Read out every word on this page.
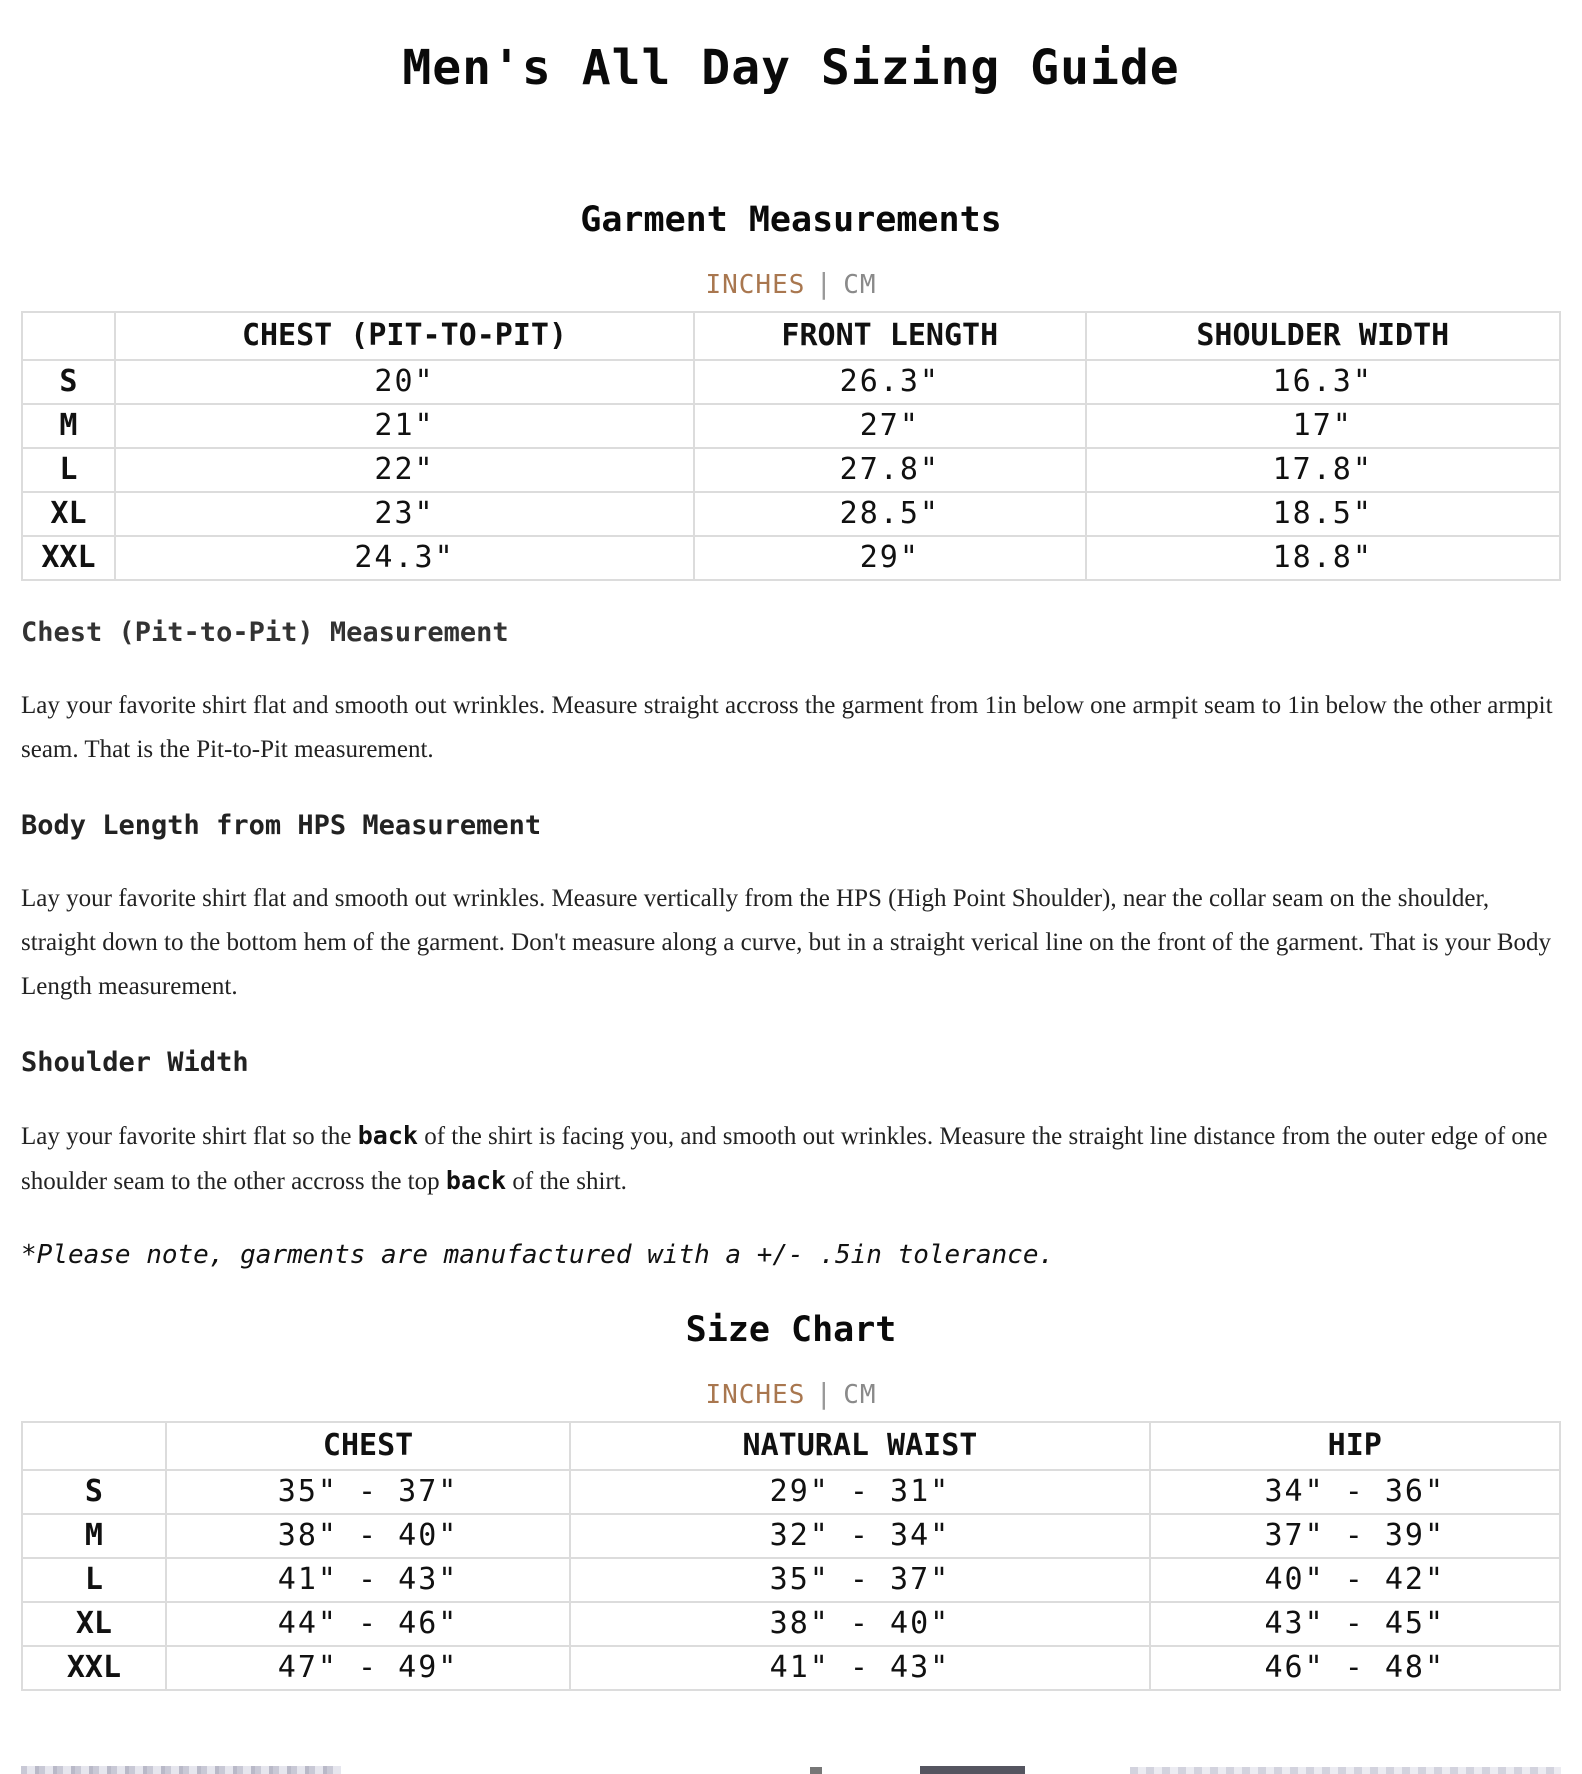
Men's All Day Sizing Guide
Garment Measurements
INCHES | CM
	CHEST (PIT-TO-PIT)	FRONT LENGTH	SHOULDER WIDTH
S	20"	26.3"	16.3"
M	21"	27"	17"
L	22"	27.8"	17.8"
XL	23"	28.5"	18.5"
XXL	24.3"	29"	18.8"
Chest (Pit-to-Pit) Measurement

Lay your favorite shirt flat and smooth out wrinkles. Measure straight accross the garment from 1in below one armpit seam to 1in below the other armpit seam. That is the Pit-to-Pit measurement.

Body Length from HPS Measurement

Lay your favorite shirt flat and smooth out wrinkles. Measure vertically from the HPS (High Point Shoulder), near the collar seam on the shoulder, straight down to the bottom hem of the garment. Don't measure along a curve, but in a straight verical line on the front of the garment. That is your Body Length measurement.

Shoulder Width

Lay your favorite shirt flat so the back of the shirt is facing you, and smooth out wrinkles. Measure the straight line distance from the outer edge of one shoulder seam to the other accross the top back of the shirt.

*Please note, garments are manufactured with a +/- .5in tolerance.

Size Chart
INCHES | CM
	CHEST	NATURAL WAIST	HIP
S	35" - 37"	29" - 31"	34" - 36"
M	38" - 40"	32" - 34"	37" - 39"
L	41" - 43"	35" - 37"	40" - 42"
XL	44" - 46"	38" - 40"	43" - 45"
XXL	47" - 49"	41" - 43"	46" - 48"
